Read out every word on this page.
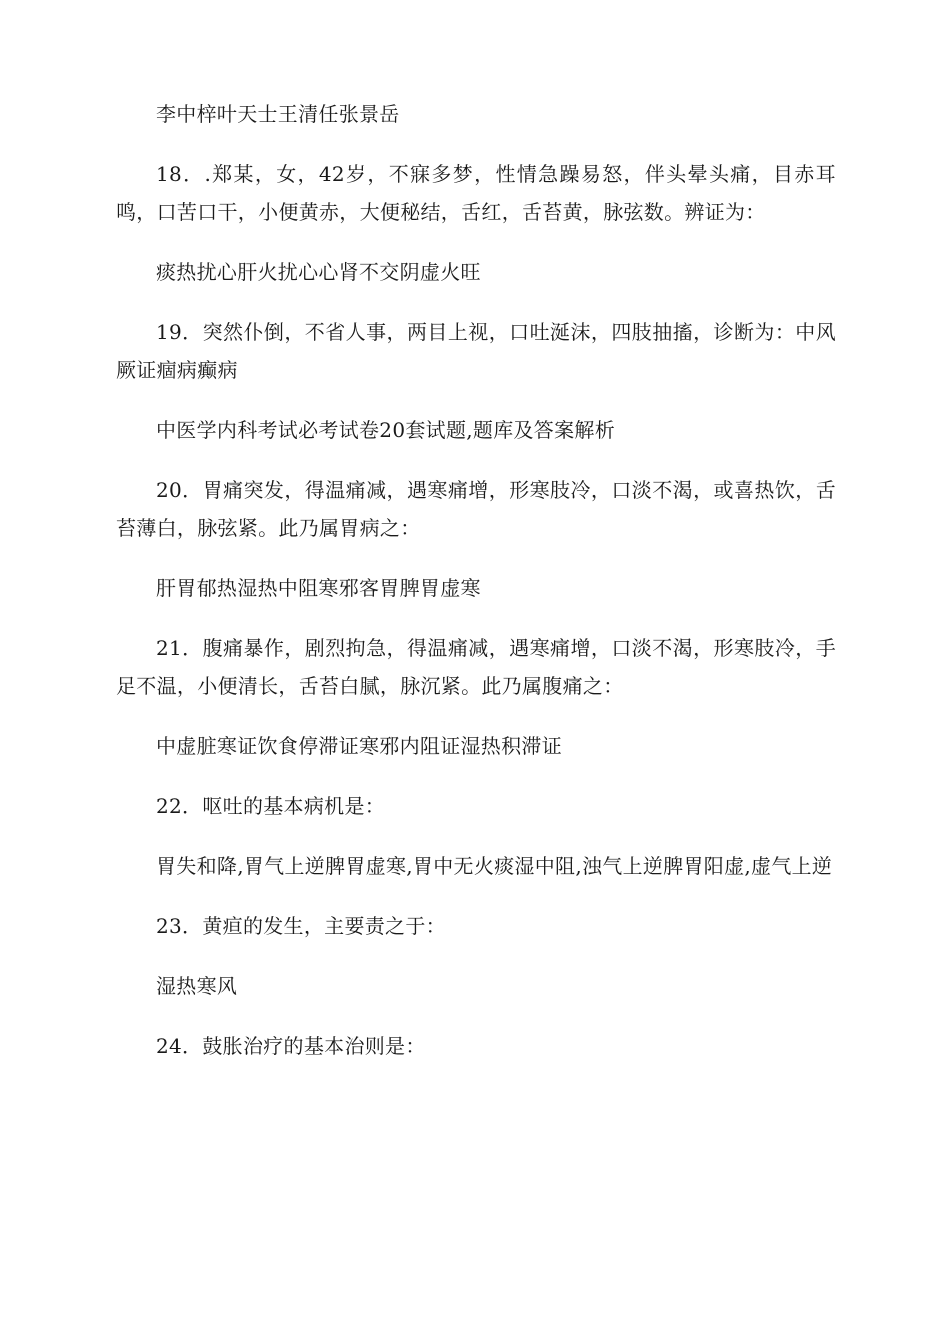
李中梓叶天士王清任张景岳

18．.郑某，女，42岁，不寐多梦，性情急躁易怒，伴头晕头痛，目赤耳鸣，口苦口干，小便黄赤，大便秘结，舌红，舌苔黄，脉弦数。辨证为：

痰热扰心肝火扰心心肾不交阴虚火旺

19．突然仆倒，不省人事，两目上视，口吐涎沫，四肢抽搐，诊断为：中风厥证痼病癫病

中医学内科考试必考试卷20套试题,题库及答案解析

20．胃痛突发，得温痛减，遇寒痛增，形寒肢冷，口淡不渴，或喜热饮，舌苔薄白，脉弦紧。此乃属胃病之：

肝胃郁热湿热中阻寒邪客胃脾胃虚寒

21．腹痛暴作，剧烈拘急，得温痛减，遇寒痛增，口淡不渴，形寒肢冷，手足不温，小便清长，舌苔白腻，脉沉紧。此乃属腹痛之：

中虚脏寒证饮食停滞证寒邪内阻证湿热积滞证

22．呕吐的基本病机是：

胃失和降,胃气上逆脾胃虚寒,胃中无火痰湿中阻,浊气上逆脾胃阳虚,虚气上逆

23．黄疸的发生，主要责之于：

湿热寒风

24．鼓胀治疗的基本治则是：
